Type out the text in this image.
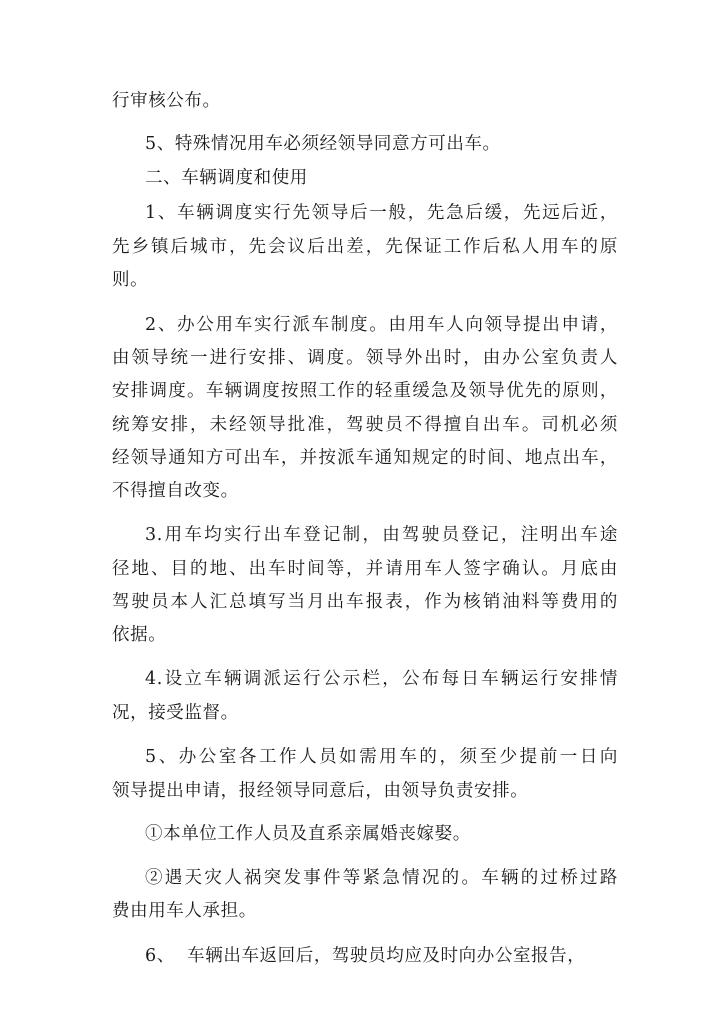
行审核公布。
5、特殊情况用车必须经领导同意方可出车。
二、车辆调度和使用
1、车辆调度实行先领导后一般，先急后缓，先远后近，
先乡镇后城市，先会议后出差，先保证工作后私人用车的原
则。
2、办公用车实行派车制度。由用车人向领导提出申请，
由领导统一进行安排、调度。领导外出时，由办公室负责人
安排调度。车辆调度按照工作的轻重缓急及领导优先的原则，
统筹安排，未经领导批准，驾驶员不得擅自出车。司机必须
经领导通知方可出车，并按派车通知规定的时间、地点出车，
不得擅自改变。
3.用车均实行出车登记制，由驾驶员登记，注明出车途
径地、目的地、出车时间等，并请用车人签字确认。月底由
驾驶员本人汇总填写当月出车报表，作为核销油料等费用的
依据。
4.设立车辆调派运行公示栏，公布每日车辆运行安排情
况，接受监督。
5、办公室各工作人员如需用车的，须至少提前一日向
领导提出申请，报经领导同意后，由领导负责安排。
①本单位工作人员及直系亲属婚丧嫁娶。
②遇天灾人祸突发事件等紧急情况的。车辆的过桥过路
费由用车人承担。
6、  车辆出车返回后，驾驶员均应及时向办公室报告，
